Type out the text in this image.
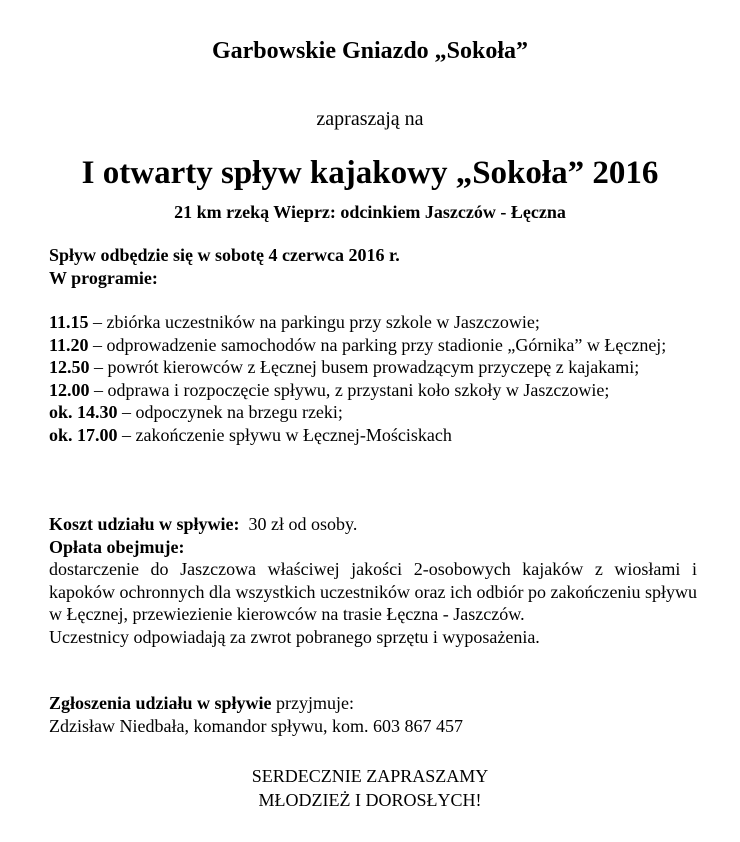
Garbowskie Gniazdo „Sokoła”
zapraszają na
I otwarty spływ kajakowy „Sokoła” 2016
21 km rzeką Wieprz: odcinkiem Jaszczów - Łęczna

Spływ odbędzie się w sobotę 4 czerwca 2016 r.

W programie:

11.15 – zbiórka uczestników na parkingu przy szkole w Jaszczowie;

11.20 – odprowadzenie samochodów na parking przy stadionie „Górnika” w Łęcznej;

12.50 – powrót kierowców z Łęcznej busem prowadzącym przyczepę z kajakami;

12.00 – odprawa i rozpoczęcie spływu, z przystani koło szkoły w Jaszczowie;

ok. 14.30 – odpoczynek na brzegu rzeki;

ok. 17.00 – zakończenie spływu w Łęcznej-Mościskach

Koszt udziału w spływie:  30 zł od osoby.

Opłata obejmuje:

dostarczenie do Jaszczowa właściwej jakości 2-osobowych kajaków z wiosłami i kapoków ochronnych dla wszystkich uczestników oraz ich odbiór po zakończeniu spływu w Łęcznej, przewiezienie kierowców na trasie Łęczna - Jaszczów.

Uczestnicy odpowiadają za zwrot pobranego sprzętu i wyposażenia.

Zgłoszenia udziału w spływie przyjmuje:

Zdzisław Niedbała, komandor spływu, kom. 603 867 457

SERDECZNIE ZAPRASZAMY

MŁODZIEŻ I DOROSŁYCH!
